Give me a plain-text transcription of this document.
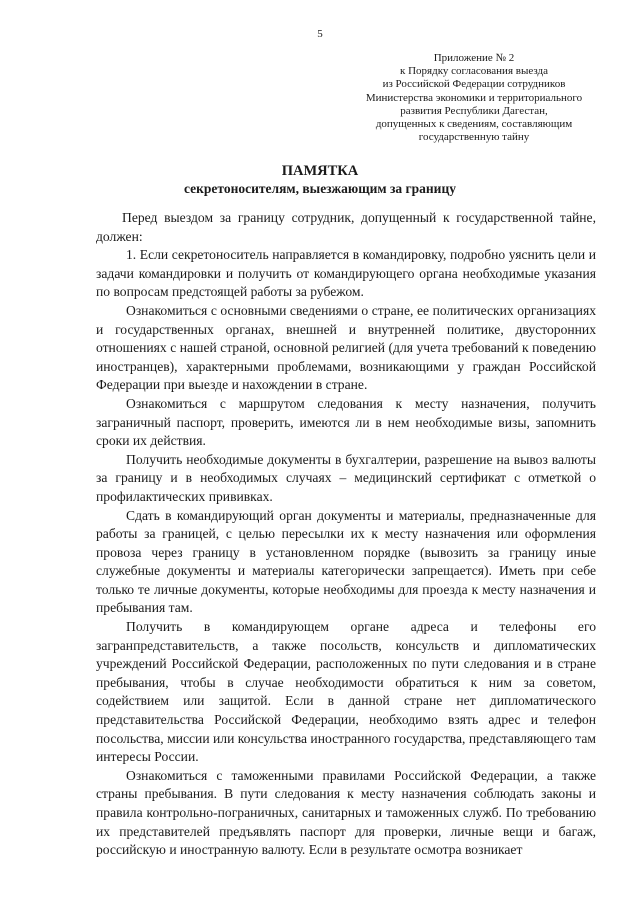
5
Приложение № 2
к Порядку согласования выезда
из Российской Федерации сотрудников
Министерства экономики и территориального
развития Республики Дагестан,
допущенных к сведениям, составляющим
государственную тайну
ПАМЯТКА
секретоносителям, выезжающим за границу

Перед выездом за границу сотрудник, допущенный к государственной тайне, должен:

1. Если секретоноситель направляется в командировку, подробно уяснить цели и задачи командировки и получить от командирующего органа необходимые указания по вопросам предстоящей работы за рубежом.

Ознакомиться с основными сведениями о стране, ее политических организациях и государственных органах, внешней и внутренней политике, двусторонних отношениях с нашей страной, основной религией (для учета требований к поведению иностранцев), характерными проблемами, возникающими у граждан Российской Федерации при выезде и нахождении в стране.

Ознакомиться с маршрутом следования к месту назначения, получить заграничный паспорт, проверить, имеются ли в нем необходимые визы, запомнить сроки их действия.

Получить необходимые документы в бухгалтерии, разрешение на вывоз валюты за границу и в необходимых случаях – медицинский сертификат с отметкой о профилактических прививках.

Сдать в командирующий орган документы и материалы, предназначенные для работы за границей, с целью пересылки их к месту назначения или оформления провоза через границу в установленном порядке (вывозить за границу иные служебные документы и материалы категорически запрещается). Иметь при себе только те личные документы, которые необходимы для проезда к месту назначения и пребывания там.

Получить в командирующем органе адреса и телефоны его загранпредставительств, а также посольств, консульств и дипломатических учреждений Российской Федерации, расположенных по пути следования и в стране пребывания, чтобы в случае необходимости обратиться к ним за советом, содействием или защитой. Если в данной стране нет дипломатического представительства Российской Федерации, необходимо взять адрес и телефон посольства, миссии или консульства иностранного государства, представляющего там интересы России.

Ознакомиться с таможенными правилами Российской Федерации, а также страны пребывания. В пути следования к месту назначения соблюдать законы и правила контрольно-пограничных, санитарных и таможенных служб. По требованию их представителей предъявлять паспорт для проверки, личные вещи и багаж, российскую и иностранную валюту. Если в результате осмотра возникает
